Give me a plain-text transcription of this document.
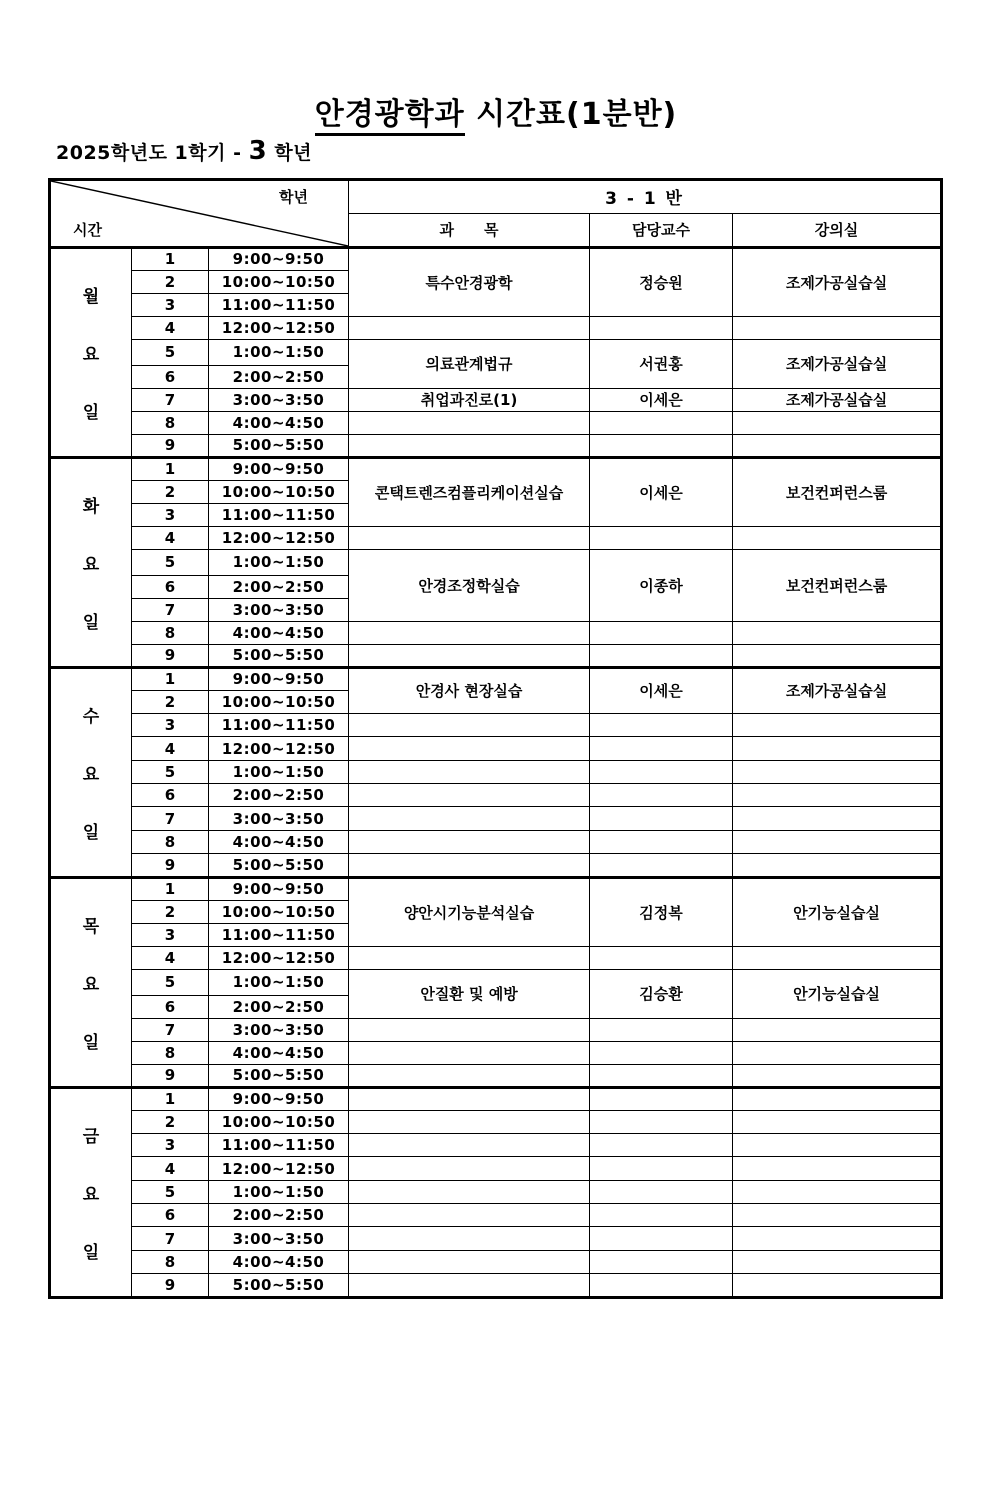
안경광학과 시간표(1분반)
2025학년도 1학기 - 3 학년
학년
시간			3 - 1 반		
			과　　목	담당교수	강의실

월
요
일	1	9:00~9:50	특수안경광학	정승원	조제가공실습실
	2	10:00~10:50			
	3	11:00~11:50			
	4	12:00~12:50			
	5	1:00~1:50	의료관계법규	서권홍	조제가공실습실
	6	2:00~2:50			
	7	3:00~3:50	취업과진로(1)	이세은	조제가공실습실
	8	4:00~4:50			
	9	5:00~5:50			

화
요
일	1	9:00~9:50	콘택트렌즈컴플리케이션실습	이세은	보건컨퍼런스룸
	2	10:00~10:50			
	3	11:00~11:50			
	4	12:00~12:50			
	5	1:00~1:50	안경조정학실습	이종하	보건컨퍼런스룸
	6	2:00~2:50			
	7	3:00~3:50			
	8	4:00~4:50			
	9	5:00~5:50			

수
요
일	1	9:00~9:50	안경사 현장실습	이세은	조제가공실습실
	2	10:00~10:50			
	3	11:00~11:50			
	4	12:00~12:50			
	5	1:00~1:50			
	6	2:00~2:50			
	7	3:00~3:50			
	8	4:00~4:50			
	9	5:00~5:50			

목
요
일	1	9:00~9:50	양안시기능분석실습	김정복	안기능실습실
	2	10:00~10:50			
	3	11:00~11:50			
	4	12:00~12:50			
	5	1:00~1:50	안질환 및 예방	김승환	안기능실습실
	6	2:00~2:50			
	7	3:00~3:50			
	8	4:00~4:50			
	9	5:00~5:50			

금
요
일	1	9:00~9:50			
	2	10:00~10:50			
	3	11:00~11:50			
	4	12:00~12:50			
	5	1:00~1:50			
	6	2:00~2:50			
	7	3:00~3:50			
	8	4:00~4:50			
	9	5:00~5:50			
